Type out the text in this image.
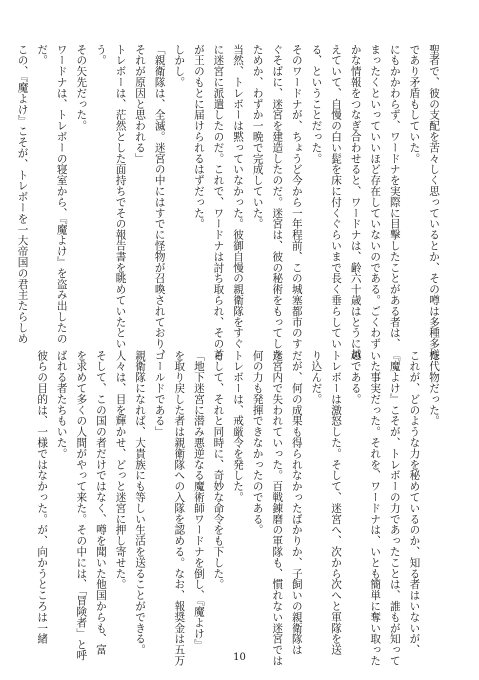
聖者で、彼の支配を苦々しく思っているとか、その噂は多種多様
であり矛盾もしていた。
にもかかわらず、ワードナを実際に目撃したことがある者は、
まったくといっていいほど存在していないのである。ごくわず
かな情報をつなぎ合わせると、ワードナは、齢六十歳はとうに越
えていて、自慢の白い髭を床に付くぐらいまで長く垂らしてい
る、ということだった。
そのワードナが、ちょうど今から一年程前、この城塞都市のす
ぐそばに、迷宮を建造したのだ。迷宮は、彼の秘術をもってした
ためか、わずか一晩で完成していた。
当然、トレボーは黙っていなかった。彼御自慢の親衛隊をすぐ
に迷宮に派遣したのだ。これで、ワードナは討ち取られ、その首
が王のもとに届けられるはずだった。
しかし。
「親衛隊は、全滅。迷宮の中にはすでに怪物が召喚されており、
それが原因と思われる」
トレボーは、茫然とした面持ちでその報告書を眺めていたとい
う。
その矢先だった。
ワードナは、トレボーの寝室から、『魔よけ』を盗み出したの
だ。
この、『魔よけ』こそが、トレボーを一大帝国の君主たらしめ
た代物だった。
これが、どのような力を秘めているのか、知る者はいないが、
『魔よけ』こそが、トレボーの力であったことは、誰もが知って
いた事実だった。それを、ワードナは、いとも簡単に奪い取った
のである。
トレボーは激怒した。そして、迷宮へ、次から次へと軍隊を送
り込んだ。
だが、何の成果も得られなかったばかりか、子飼いの親衛隊は
迷宮内で失われていった。百戦錬磨の軍隊も、慣れない迷宮では
何の力も発揮できなかったのである。
トレボーは、戒厳令を発した。
そして、それと同時に、奇妙な命令をも下した。
「地下迷宮に潜み悪逆なる魔術師ワードナを倒し、『魔よけ』
を取り戻した者は親衛隊への入隊を認める。なお、報奨金は五万
ゴールドである」
親衛隊になれば、大貴族にも等しい生活を送ることができる。
人々は、目を輝かせ、どっと迷宮に押し寄せた。
そして、この国の者だけではなく、噂を聞いた他国からも、富
を求めて多くの人間がやって来た。その中には、「冒険者」と呼
ばれる者たちもいた。
彼らの目的は、一様ではなかった。が、向かうところは一緒
10
